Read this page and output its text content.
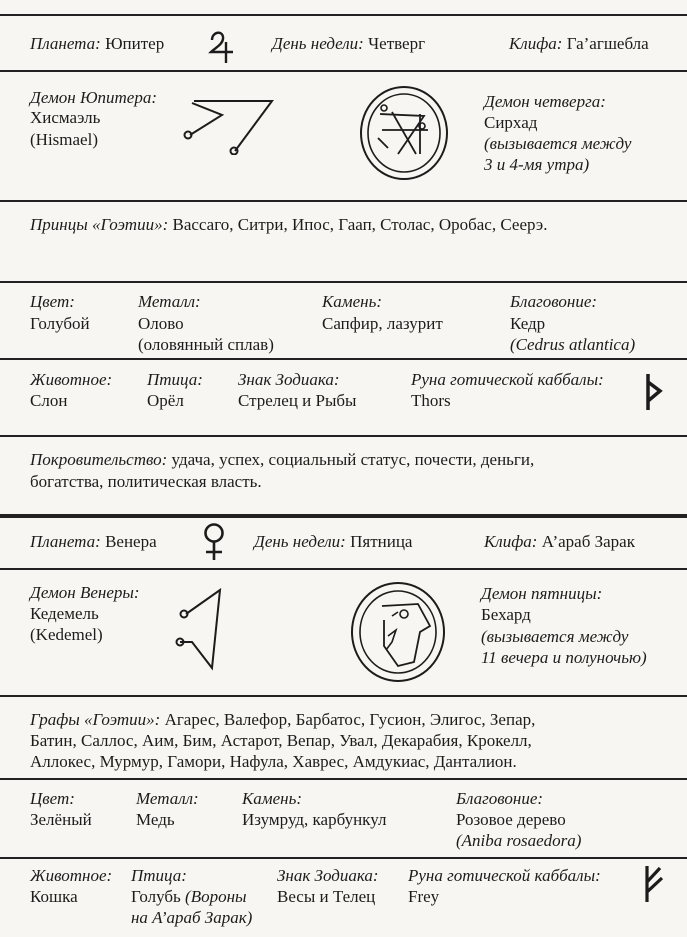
Планета: Юпитер	День недели: Четверг	Клифа: Га’агшебла
Демон Юпитера:
Хисмаэль
(Hismael)
Демон четверга:
Сирхад
(вызывается между
3 и 4-мя утра)
Принцы «Гоэтии»: Вассаго, Ситри, Ипос, Гаап, Столас, Оробас, Сеерэ.
Цвет:
Голубой
Металл:
Олово
(оловянный сплав)
Камень:
Сапфир, лазурит
Благовоние:
Кедр
(Cedrus atlantica)
Животное:
Слон
Птица:
Орёл
Знак Зодиака:
Стрелец и Рыбы
Руна готической каббалы:
Thors
Покровительство: удача, успех, социальный статус, почести, деньги,
богатства, политическая власть.
Планета: Венера	День недели: Пятница	Клифа: А’араб Зарак
Демон Венеры:
Кедемель
(Kedemel)
Демон пятницы:
Бехард
(вызывается между
11 вечера и полуночью)
Графы «Гоэтии»: Агарес, Валефор, Барбатос, Гусион, Элигос, Зепар,
Батин, Саллос, Аим, Бим, Астарот, Вепар, Увал, Декарабия, Крокелл,
Аллокес, Мурмур, Гамори, Нафула, Хаврес, Амдукиас, Данталион.
Цвет:
Зелёный
Металл:
Медь
Камень:
Изумруд, карбункул
Благовоние:
Розовое дерево
(Aniba rosaedora)
Животное:
Кошка
Птица:
Голубь (Вороны
на А’араб Зарак)
Знак Зодиака:
Весы и Телец
Руна готической каббалы:
Frey
